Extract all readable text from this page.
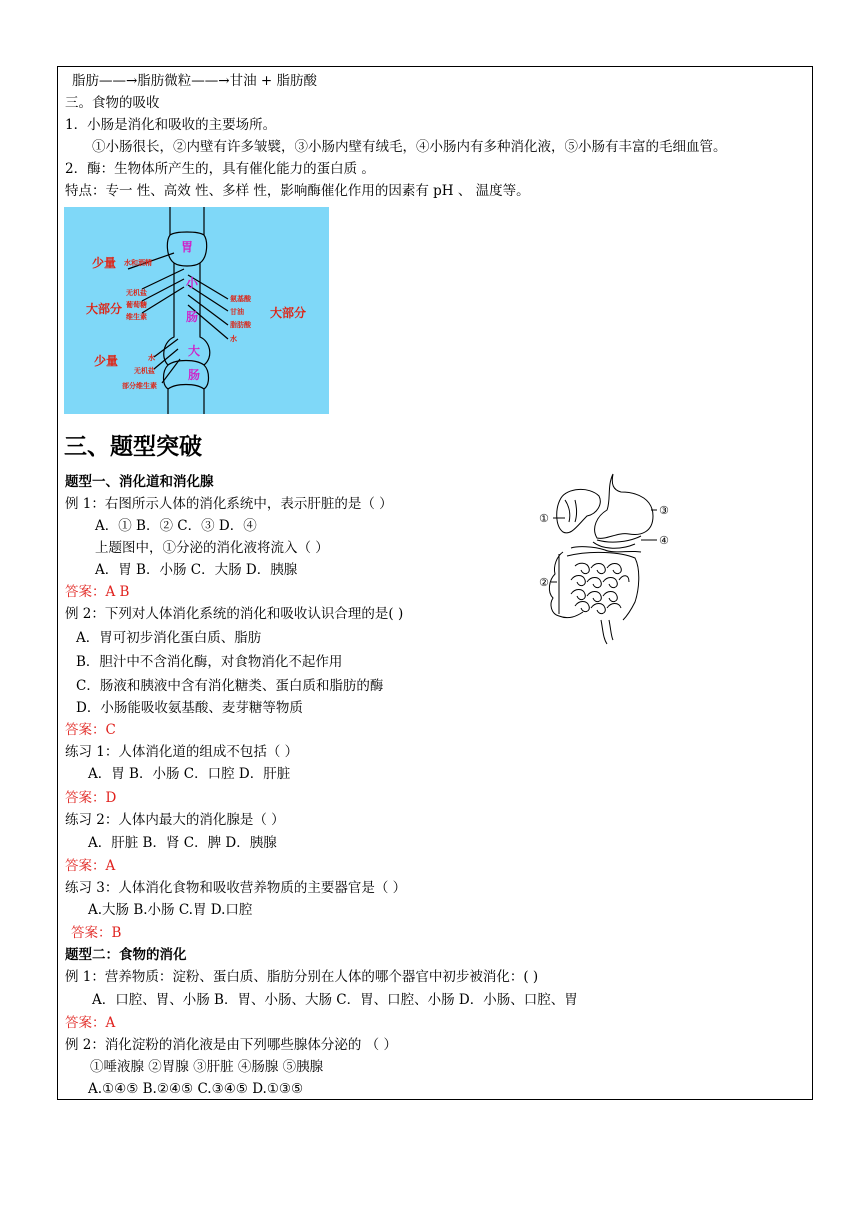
脂肪——→脂肪微粒——→甘油 + 脂肪酸
三。食物的吸收
1．小肠是消化和吸收的主要场所。
①小肠很长，②内壁有许多皱襞，③小肠内壁有绒毛，④小肠内有多种消化液，⑤小肠有丰富的毛细血管。
2．酶：生物体所产生的，具有催化能力的蛋白质 。
特点：专一 性、高效 性、多样 性，影响酶催化作用的因素有 pH 、 温度等。
胃
小
肠
大
肠
少量
大部分
少量
大部分
水和酒精
无机盐
葡萄糖
维生素
水
无机盐
部分维生素
氨基酸
甘油
脂肪酸
水
三、题型突破
题型一、消化道和消化腺
例 1：右图所示人体的消化系统中，表示肝脏的是（ ）
A．① B．② C．③ D．④
上题图中，①分泌的消化液将流入（ ）
A．胃 B．小肠 C．大肠 D．胰腺
答案：A B
①
②
③
④
例 2：下列对人体消化系统的消化和吸收认识合理的是( )
A．胃可初步消化蛋白质、脂肪
B．胆汁中不含消化酶，对食物消化不起作用
C．肠液和胰液中含有消化糖类、蛋白质和脂肪的酶
D．小肠能吸收氨基酸、麦芽糖等物质
答案：C
练习 1：人体消化道的组成不包括（ ）
A．胃 B．小肠 C．口腔 D．肝脏
答案：D
练习 2：人体内最大的消化腺是（ ）
A．肝脏 B．肾 C．脾 D．胰腺
答案：A
练习 3：人体消化食物和吸收营养物质的主要器官是（ ）
A.大肠 B.小肠 C.胃 D.口腔
答案：B
题型二：食物的消化
例 1：营养物质：淀粉、蛋白质、脂肪分别在人体的哪个器官中初步被消化：( )
A．口腔、胃、小肠 B．胃、小肠、大肠 C．胃、口腔、小肠 D．小肠、口腔、胃
答案：A
例 2：消化淀粉的消化液是由下列哪些腺体分泌的 （ ）
①唾液腺 ②胃腺 ③肝脏 ④肠腺 ⑤胰腺
A.①④⑤ B.②④⑤ C.③④⑤ D.①③⑤
